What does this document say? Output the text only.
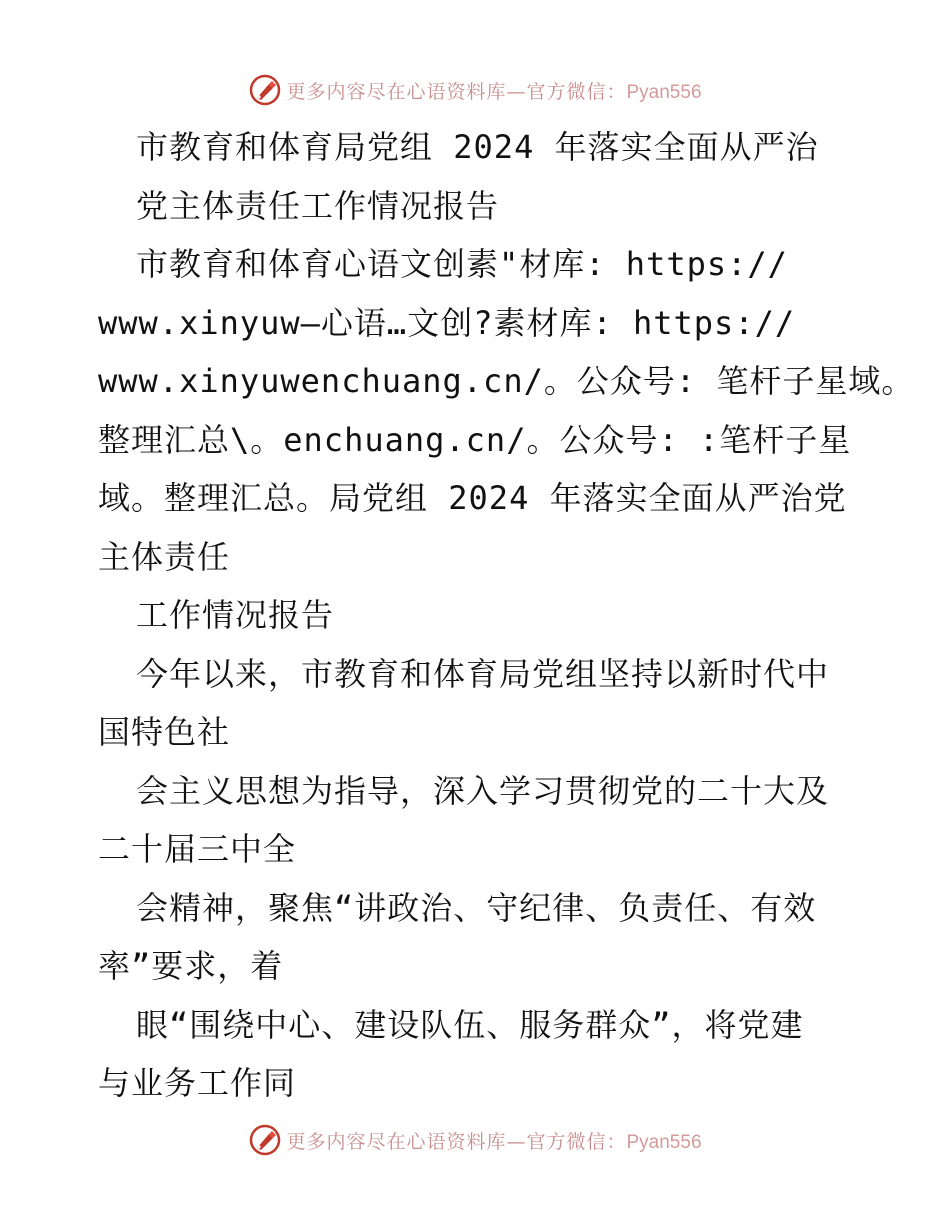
更多内容尽在心语资料库—官方微信：Pyan556
市教育和体育局党组 2024 年落实全面从严治
党主体责任工作情况报告
市教育和体育心语文创素"材库: https://
www.xinyuw—心语…文创?素材库: https://
www.xinyuwenchuang.cn/。公众号: 笔杆子星域。
整理汇总\。enchuang.cn/。公众号: :笔杆子星
域。整理汇总。局党组 2024 年落实全面从严治党
主体责任
工作情况报告
今年以来，市教育和体育局党组坚持以新时代中
国特色社
会主义思想为指导，深入学习贯彻党的二十大及
二十届三中全
会精神，聚焦“讲政治、守纪律、负责任、有效
率”要求，着
眼“围绕中心、建设队伍、服务群众”，将党建
与业务工作同
更多内容尽在心语资料库—官方微信：Pyan556
